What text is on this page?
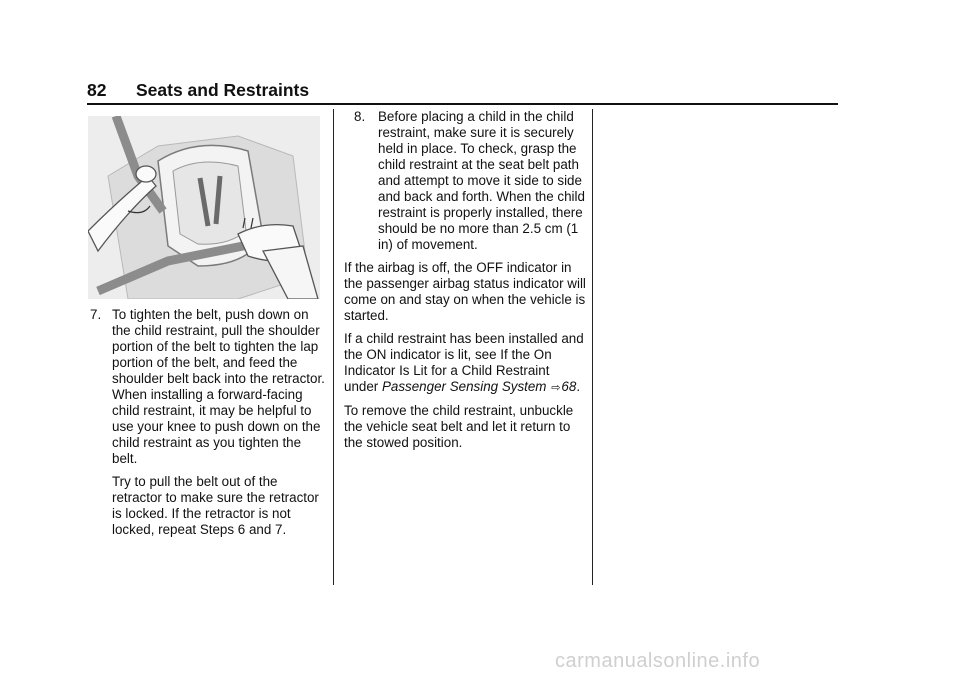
82 Seats and Restraints
7. To tighten the belt, push down on the child restraint, pull the shoulder portion of the belt to tighten the lap portion of the belt, and feed the shoulder belt back into the retractor. When installing a forward-facing child restraint, it may be helpful to use your knee to push down on the child restraint as you tighten the belt.

Try to pull the belt out of the retractor to make sure the retractor is locked. If the retractor is not locked, repeat Steps 6 and 7.

8. Before placing a child in the child restraint, make sure it is securely held in place. To check, grasp the child restraint at the seat belt path and attempt to move it side to side and back and forth. When the child restraint is properly installed, there should be no more than 2.5 cm (1 in) of movement.

If the airbag is off, the OFF indicator in the passenger airbag status indicator will come on and stay on when the vehicle is started.

If a child restraint has been installed and the ON indicator is lit, see If the On Indicator Is Lit for a Child Restraint under Passenger Sensing System ⇨68.

To remove the child restraint, unbuckle the vehicle seat belt and let it return to the stowed position.

carmanualsonline.info
